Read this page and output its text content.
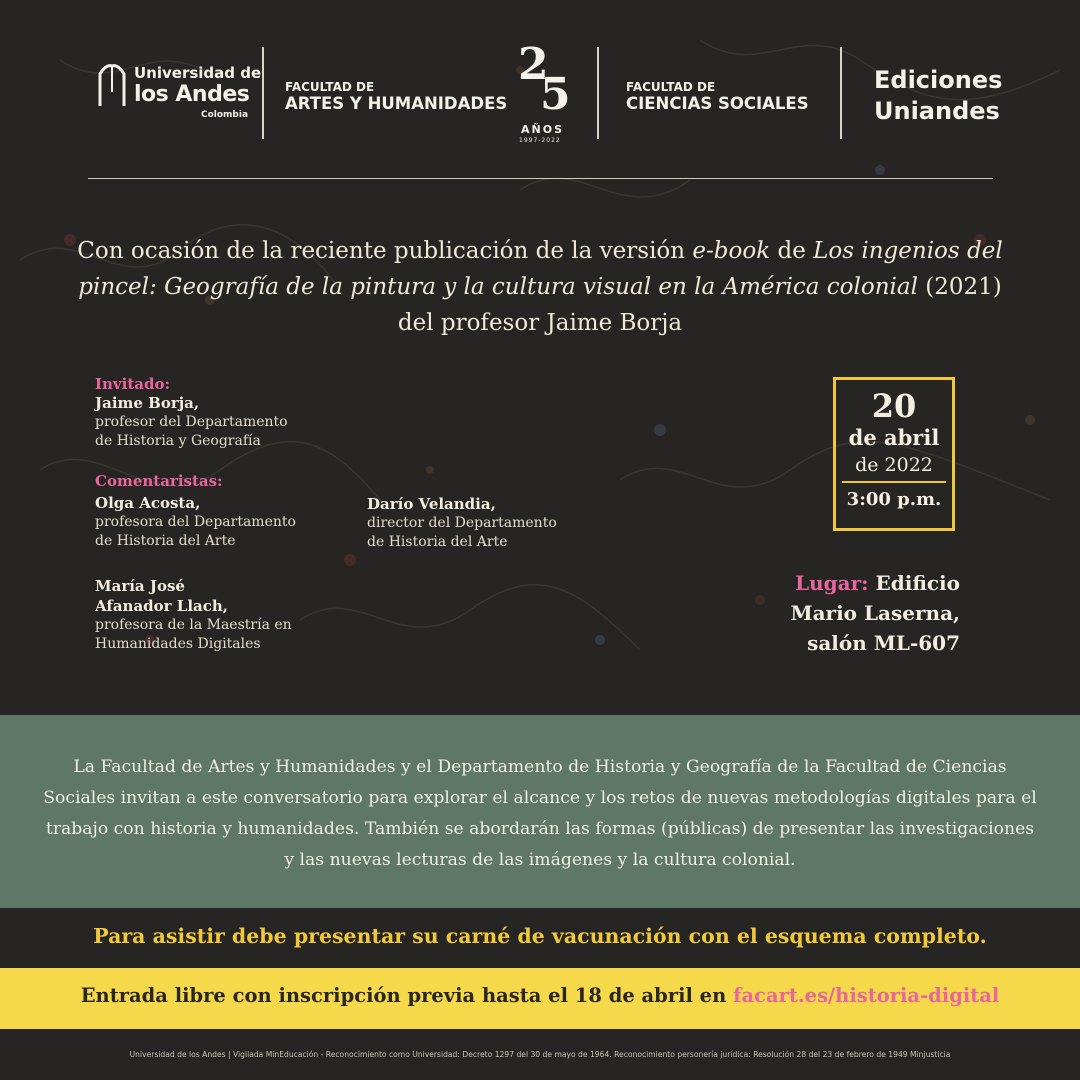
Universidad de
los Andes
Colombia
FACULTAD DE
ARTES Y HUMANIDADES
2
5
AÑOS
1997-2022
FACULTAD DE
CIENCIAS SOCIALES
Ediciones
Uniandes
Con ocasión de la reciente publicación de la versión e-book de Los ingenios del pincel: Geografía de la pintura y la cultura visual en la América colonial (2021) del profesor Jaime Borja
Invitado:
Jaime Borja,
profesor del Departamento
de Historia y Geografía
Comentaristas:
Olga Acosta,
profesora del Departamento
de Historia del Arte
Darío Velandia,
director del Departamento
de Historia del Arte
María José
Afanador Llach,
profesora de la Maestría en
Humanidades Digitales
20
de abril
de 2022
3:00 p.m.
Lugar: Edificio
Mario Laserna,
salón ML-607
La Facultad de Artes y Humanidades y el Departamento de Historia y Geografía de la Facultad de Ciencias Sociales invitan a este conversatorio para explorar el alcance y los retos de nuevas metodologías digitales para el trabajo con historia y humanidades. También se abordarán las formas (públicas) de presentar las investigaciones y las nuevas lecturas de las imágenes y la cultura colonial.
Para asistir debe presentar su carné de vacunación con el esquema completo.
Entrada libre con inscripción previa hasta el 18 de abril en facart.es/historia-digital
Universidad de los Andes | Vigilada MinEducación - Reconocimiento como Universidad: Decreto 1297 del 30 de mayo de 1964. Reconocimiento personería jurídica: Resolución 28 del 23 de febrero de 1949 Minjusticia
